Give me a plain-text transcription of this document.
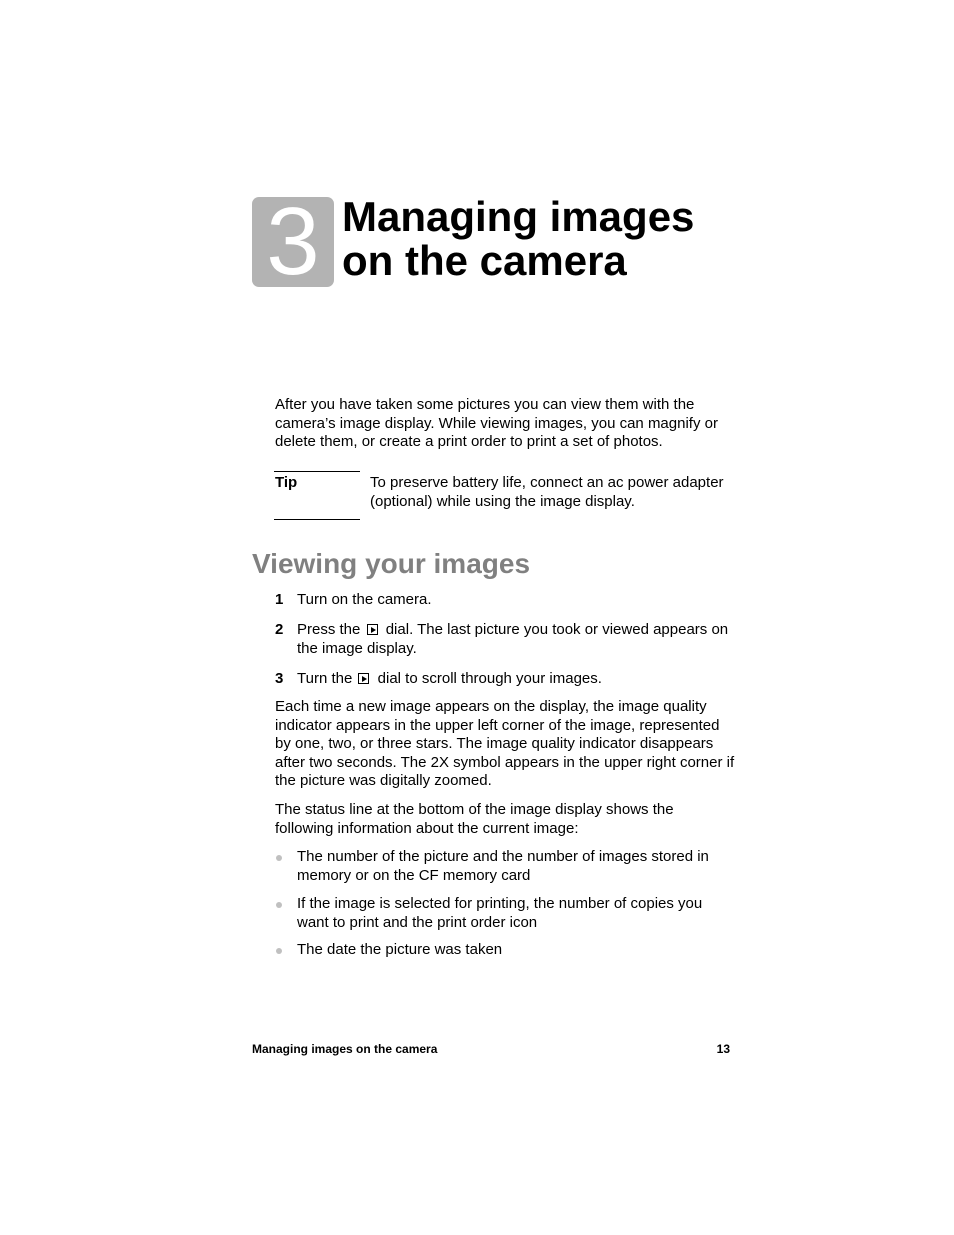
3 Managing images
on the camera

After you have taken some pictures you can view them with the camera’s image display. While viewing images, you can magnify or delete them, or create a print order to print a set of photos.

Tip	To preserve battery life, connect an ac power adapter (optional) while using the image display.
Viewing your images
1 Turn on the camera.
2 Press the dial. The last picture you took or viewed appears on the image display.
3 Turn the dial to scroll through your images.

Each time a new image appears on the display, the image quality indicator appears in the upper left corner of the image, represented by one, two, or three stars. The image quality indicator disappears after two seconds. The 2X symbol appears in the upper right corner if the picture was digitally zoomed.

The status line at the bottom of the image display shows the following information about the current image:

The number of the picture and the number of images stored in memory or on the CF memory card
If the image is selected for printing, the number of copies you want to print and the print order icon
The date the picture was taken
Managing images on the camera	13
